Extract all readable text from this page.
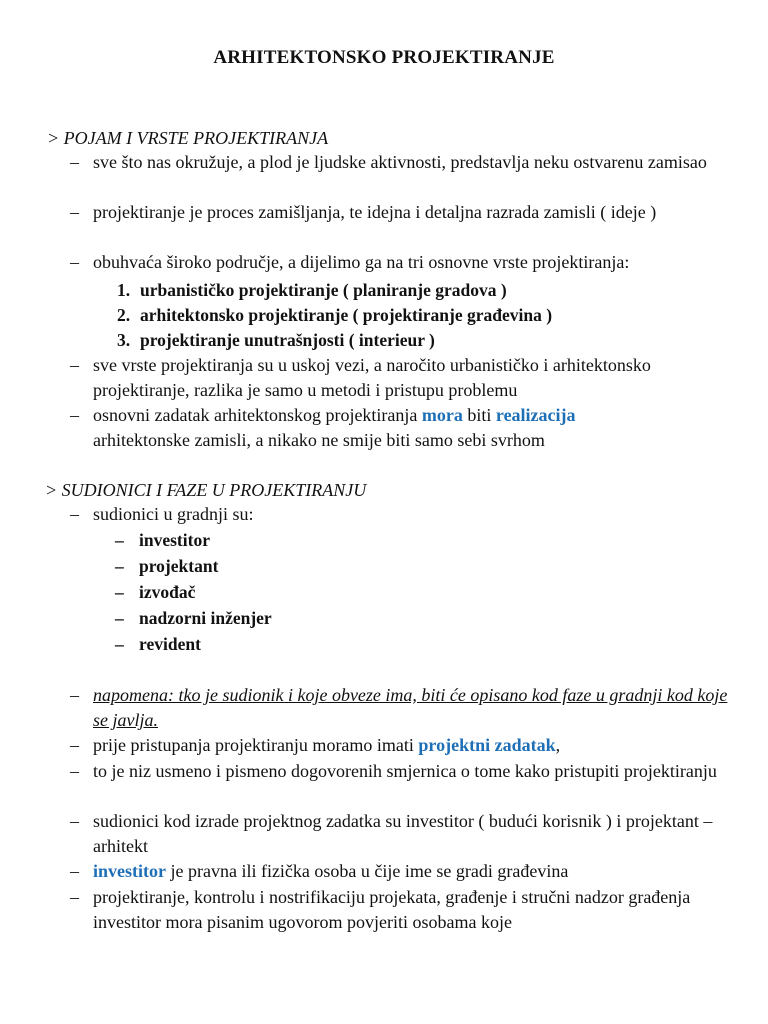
ARHITEKTONSKO PROJEKTIRANJE
> POJAM I VRSTE PROJEKTIRANJA
– sve što nas okružuje, a plod je ljudske aktivnosti, predstavlja neku ostvarenu zamisao
– projektiranje je proces zamišljanja, te idejna i detaljna razrada zamisli ( ideje )
– obuhvaća široko područje, a dijelimo ga na tri osnovne vrste projektiranja:
1. urbanističko projektiranje ( planiranje gradova )
2. arhitektonsko projektiranje ( projektiranje građevina )
3. projektiranje unutrašnjosti ( interieur )
– sve vrste projektiranja su u uskoj vezi, a naročito urbanističko i arhitektonsko projektiranje, razlika je samo u metodi i pristupu problemu
– osnovni zadatak arhitektonskog projektiranja mora biti realizacija
arhitektonske zamisli, a nikako ne smije biti samo sebi svrhom
> SUDIONICI I FAZE U PROJEKTIRANJU
– sudionici u gradnji su:
– investitor
– projektant
– izvođač
– nadzorni inženjer
– revident
– napomena: tko je sudionik i koje obveze ima, biti će opisano kod faze u gradnji kod koje se javlja.
– prije pristupanja projektiranju moramo imati projektni zadatak,
– to je niz usmeno i pismeno dogovorenih smjernica o tome kako pristupiti projektiranju
– sudionici kod izrade projektnog zadatka su investitor ( budući korisnik ) i projektant – arhitekt
– investitor je pravna ili fizička osoba u čije ime se gradi građevina
– projektiranje, kontrolu i nostrifikaciju projekata, građenje i stručni nadzor građenja investitor mora pisanim ugovorom povjeriti osobama koje
